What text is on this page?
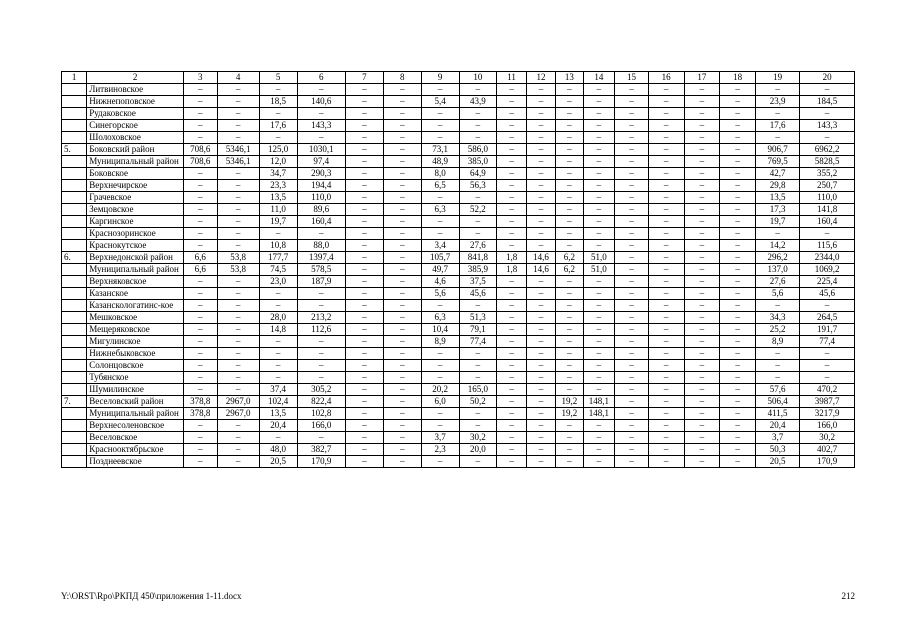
1	2	3	4	5	6	7	8	9	10	11	12	13	14	15	16	17	18	19	20
	Литвиновское	–	–	–	–	–	–	–	–	–	–	–	–	–	–	–	–	–	–
	Нижнепоповское	–	–	18,5	140,6	–	–	5,4	43,9	–	–	–	–	–	–	–	–	23,9	184,5
	Рудаковское	–	–	–	–	–	–	–	–	–	–	–	–	–	–	–	–	–	–
	Синегорское	–	–	17,6	143,3	–	–	–	–	–	–	–	–	–	–	–	–	17,6	143,3
	Шолоховское	–	–	–	–	–	–	–	–	–	–	–	–	–	–	–	–	–	–
5.	Боковский район	708,6	5346,1	125,0	1030,1	–	–	73,1	586,0	–	–	–	–	–	–	–	–	906,7	6962,2
	Муниципальный район	708,6	5346,1	12,0	97,4	–	–	48,9	385,0	–	–	–	–	–	–	–	–	769,5	5828,5
	Боковское	–	–	34,7	290,3	–	–	8,0	64,9	–	–	–	–	–	–	–	–	42,7	355,2
	Верхнечирское	–	–	23,3	194,4	–	–	6,5	56,3	–	–	–	–	–	–	–	–	29,8	250,7
	Грачевское	–	–	13,5	110,0	–	–	–	–	–	–	–	–	–	–	–	–	13,5	110,0
	Земцовское	–	–	11,0	89,6	–	–	6,3	52,2	–	–	–	–	–	–	–	–	17,3	141,8
	Каргинское	–	–	19,7	160,4	–	–	–	–	–	–	–	–	–	–	–	–	19,7	160,4
	Краснозоринское	–	–	–	–	–	–	–	–	–	–	–	–	–	–	–	–	–	–
	Краснокутское	–	–	10,8	88,0	–	–	3,4	27,6	–	–	–	–	–	–	–	–	14,2	115,6
6.	Верхнедонской район	6,6	53,8	177,7	1397,4	–	–	105,7	841,8	1,8	14,6	6,2	51,0	–	–	–	–	296,2	2344,0
	Муниципальный район	6,6	53,8	74,5	578,5	–	–	49,7	385,9	1,8	14,6	6,2	51,0	–	–	–	–	137,0	1069,2
	Верхняковское	–	–	23,0	187,9	–	–	4,6	37,5	–	–	–	–	–	–	–	–	27,6	225,4
	Казанское	–	–	–	–	–	–	5,6	45,6	–	–	–	–	–	–	–	–	5,6	45,6
	Казанскологатинс-кое	–	–	–	–	–	–	–	–	–	–	–	–	–	–	–	–	–	–
	Мешковское	–	–	28,0	213,2	–	–	6,3	51,3	–	–	–	–	–	–	–	–	34,3	264,5
	Мещеряковское	–	–	14,8	112,6	–	–	10,4	79,1	–	–	–	–	–	–	–	–	25,2	191,7
	Мигулинское	–	–	–	–	–	–	8,9	77,4	–	–	–	–	–	–	–	–	8,9	77,4
	Нижнебыковское	–	–	–	–	–	–	–	–	–	–	–	–	–	–	–	–	–	–
	Солонцовское	–	–	–	–	–	–	–	–	–	–	–	–	–	–	–	–	–	–
	Тубянское	–	–	–	–	–	–	–	–	–	–	–	–	–	–	–	–	–	–
	Шумилинское	–	–	37,4	305,2	–	–	20,2	165,0	–	–	–	–	–	–	–	–	57,6	470,2
7.	Веселовский район	378,8	2967,0	102,4	822,4	–	–	6,0	50,2	–	–	19,2	148,1	–	–	–	–	506,4	3987,7
	Муниципальный район	378,8	2967,0	13,5	102,8	–	–	–	–	–	–	19,2	148,1	–	–	–	–	411,5	3217,9
	Верхнесоленовское	–	–	20,4	166,0	–	–	–	–	–	–	–	–	–	–	–	–	20,4	166,0
	Веселовское	–	–	–	–	–	–	3,7	30,2	–	–	–	–	–	–	–	–	3,7	30,2
	Краснооктябрьское	–	–	48,0	382,7	–	–	2,3	20,0	–	–	–	–	–	–	–	–	50,3	402,7
	Позднеевское	–	–	20,5	170,9	–	–	–	–	–	–	–	–	–	–	–	–	20,5	170,9
Y:\ORST\Rpo\РКПД 450\приложения 1-11.docx	212
